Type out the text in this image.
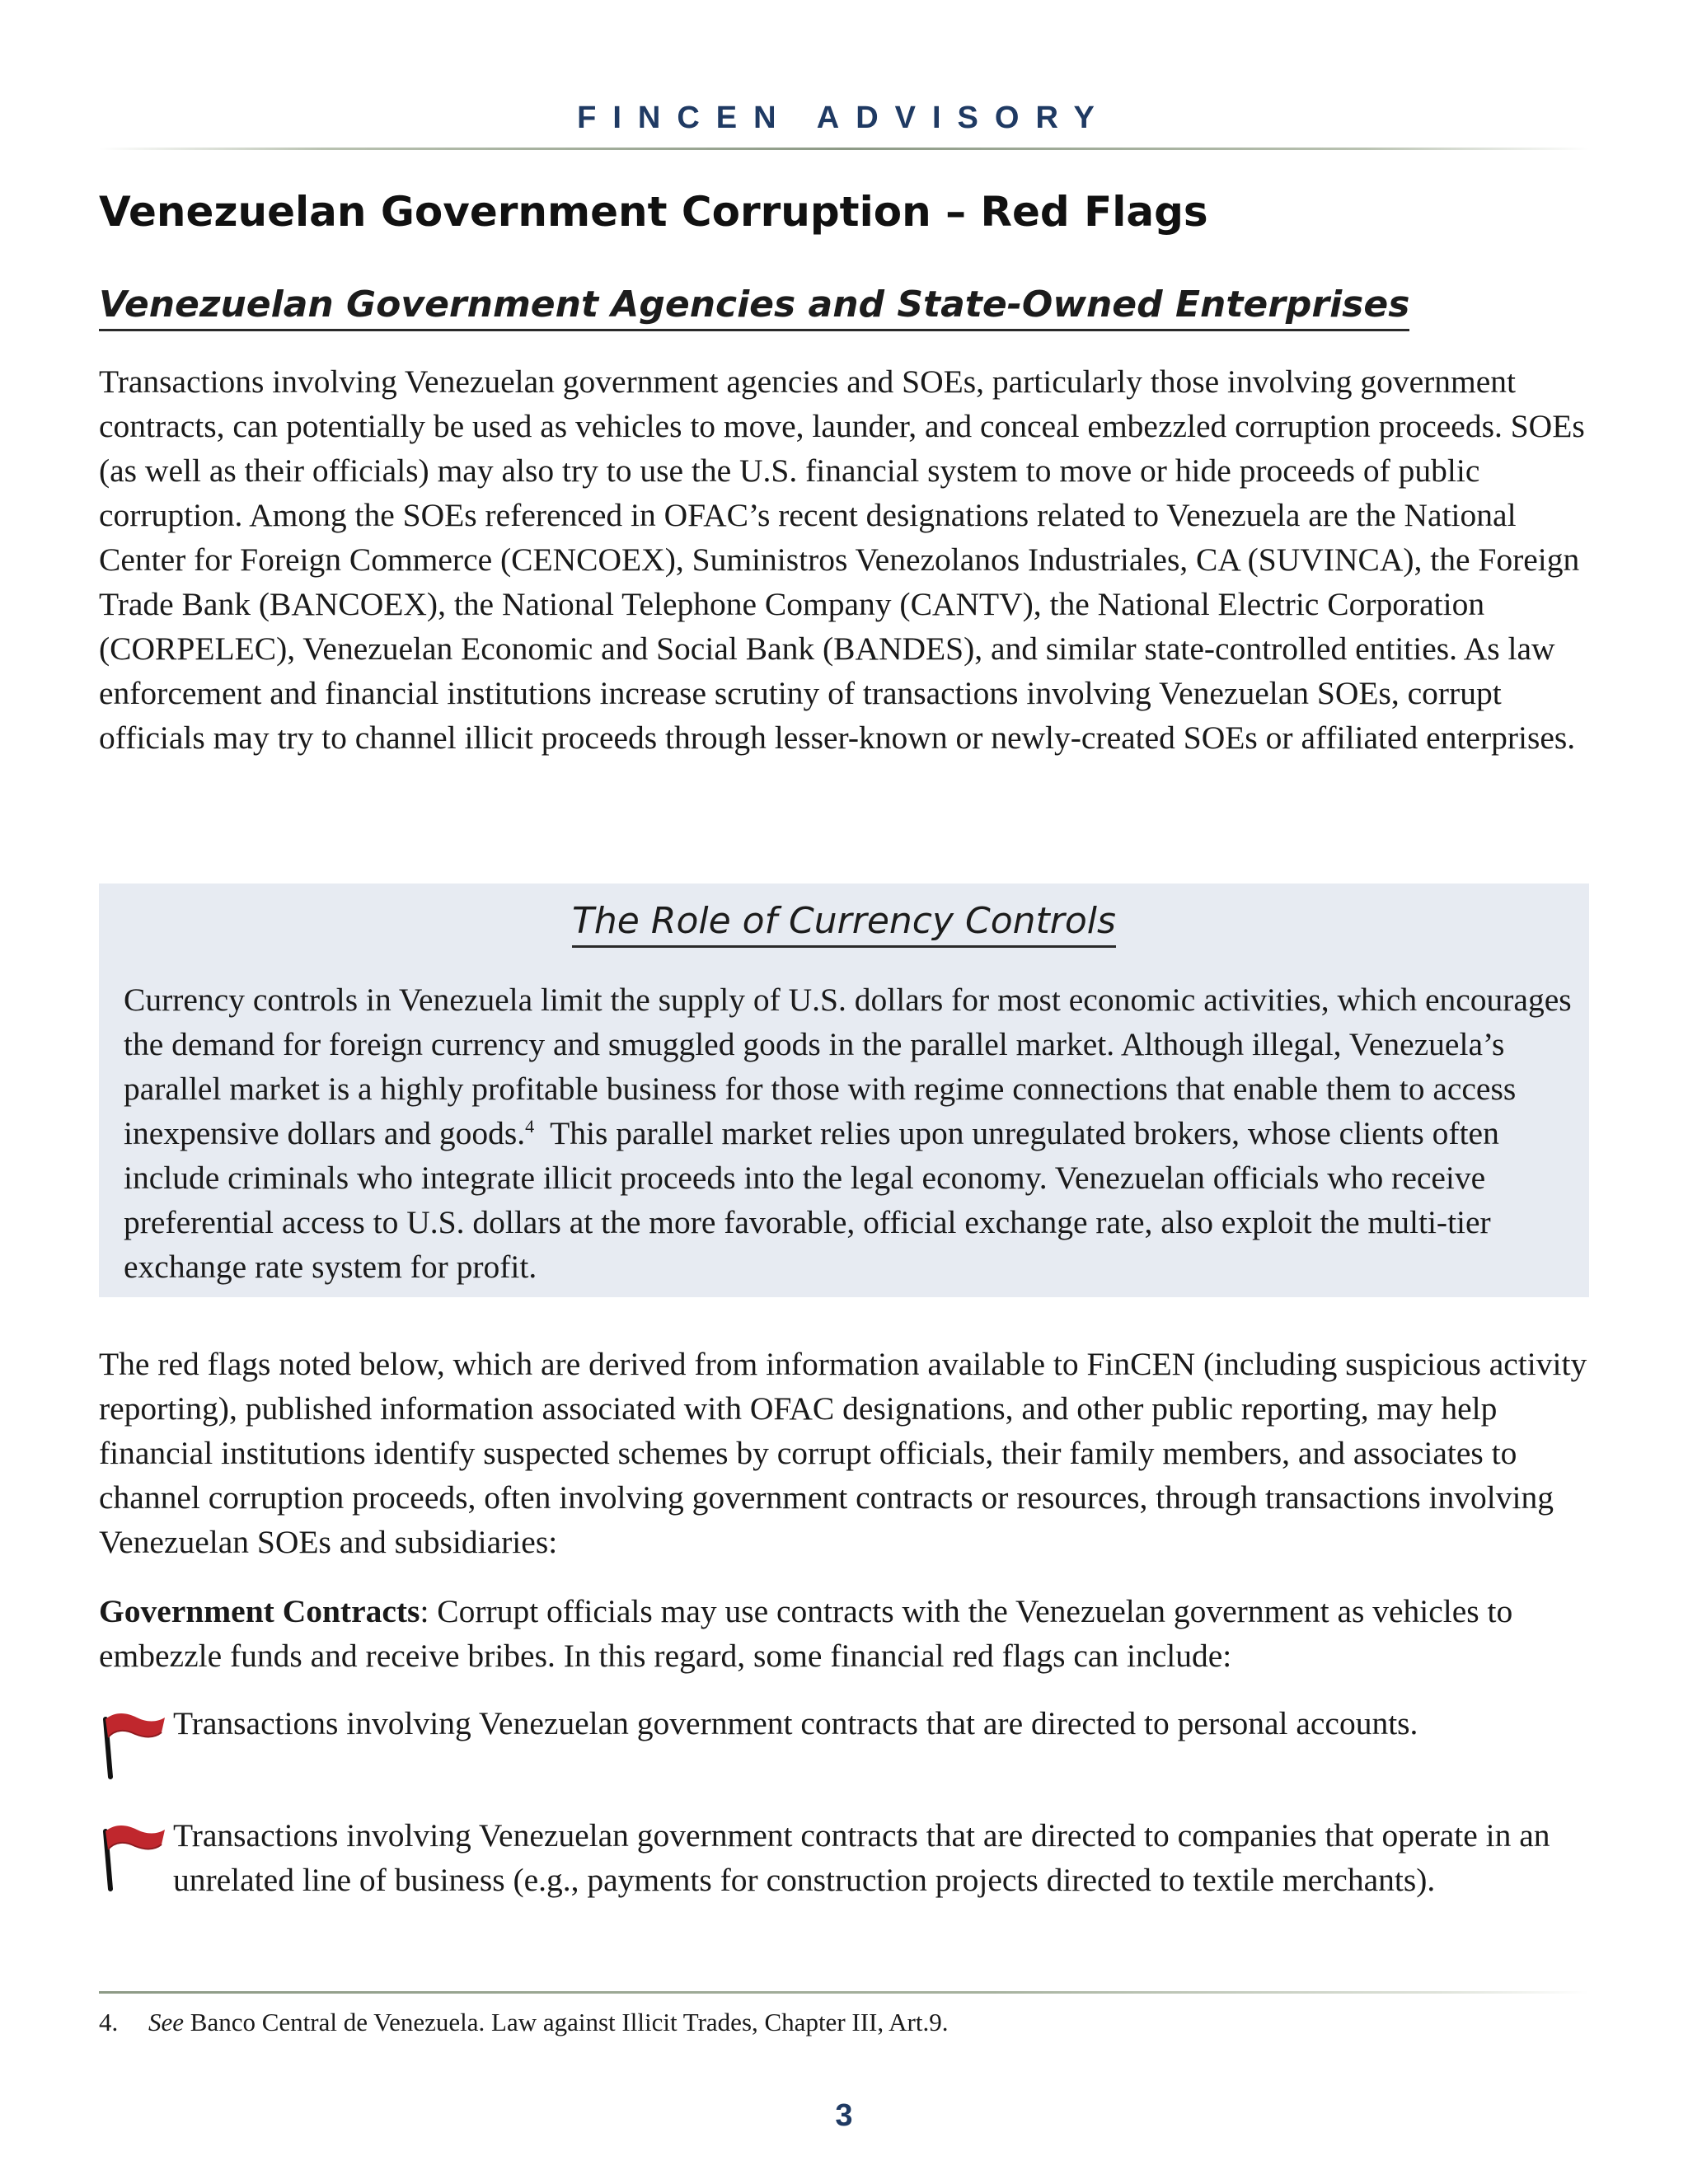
FINCEN ADVISORY
Venezuelan Government Corruption – Red Flags
Venezuelan Government Agencies and State-Owned Enterprises

Transactions involving Venezuelan government agencies and SOEs, particularly those involving government contracts, can potentially be used as vehicles to move, launder, and conceal embezzled corruption proceeds. SOEs (as well as their officials) may also try to use the U.S. financial system to move or hide proceeds of public corruption. Among the SOEs referenced in OFAC’s recent designations related to Venezuela are the National Center for Foreign Commerce (CENCOEX), Suministros Venezolanos Industriales, CA (SUVINCA), the Foreign Trade Bank (BANCOEX), the National Telephone Company (CANTV), the National Electric Corporation (CORPELEC), Venezuelan Economic and Social Bank (BANDES), and similar state-controlled entities. As law enforcement and financial institutions increase scrutiny of transactions involving Venezuelan SOEs, corrupt officials may try to channel illicit proceeds through lesser-known or newly-created SOEs or affiliated enterprises.

The Role of Currency Controls

Currency controls in Venezuela limit the supply of U.S. dollars for most economic activities, which encourages the demand for foreign currency and smuggled goods in the parallel market. Although illegal, Venezuela’s parallel market is a highly profitable business for those with regime connections that enable them to access inexpensive dollars and goods.$^4$  This parallel market relies upon unregulated brokers, whose clients often include criminals who integrate illicit proceeds into the legal economy. Venezuelan officials who receive preferential access to U.S. dollars at the more favorable, official exchange rate, also exploit the multi-tier exchange rate system for profit.

The red flags noted below, which are derived from information available to FinCEN (including suspicious activity reporting), published information associated with OFAC designations, and other public reporting, may help financial institutions identify suspected schemes by corrupt officials, their family members, and associates to channel corruption proceeds, often involving government contracts or resources, through transactions involving Venezuelan SOEs and subsidiaries:

Government Contracts: Corrupt officials may use contracts with the Venezuelan government as vehicles to embezzle funds and receive bribes. In this regard, some financial red flags can include:

Transactions involving Venezuelan government contracts that are directed to personal accounts.

Transactions involving Venezuelan government contracts that are directed to companies that operate in an unrelated line of business (e.g., payments for construction projects directed to textile merchants).

4. See Banco Central de Venezuela. Law against Illicit Trades, Chapter III, Art.9.

3
